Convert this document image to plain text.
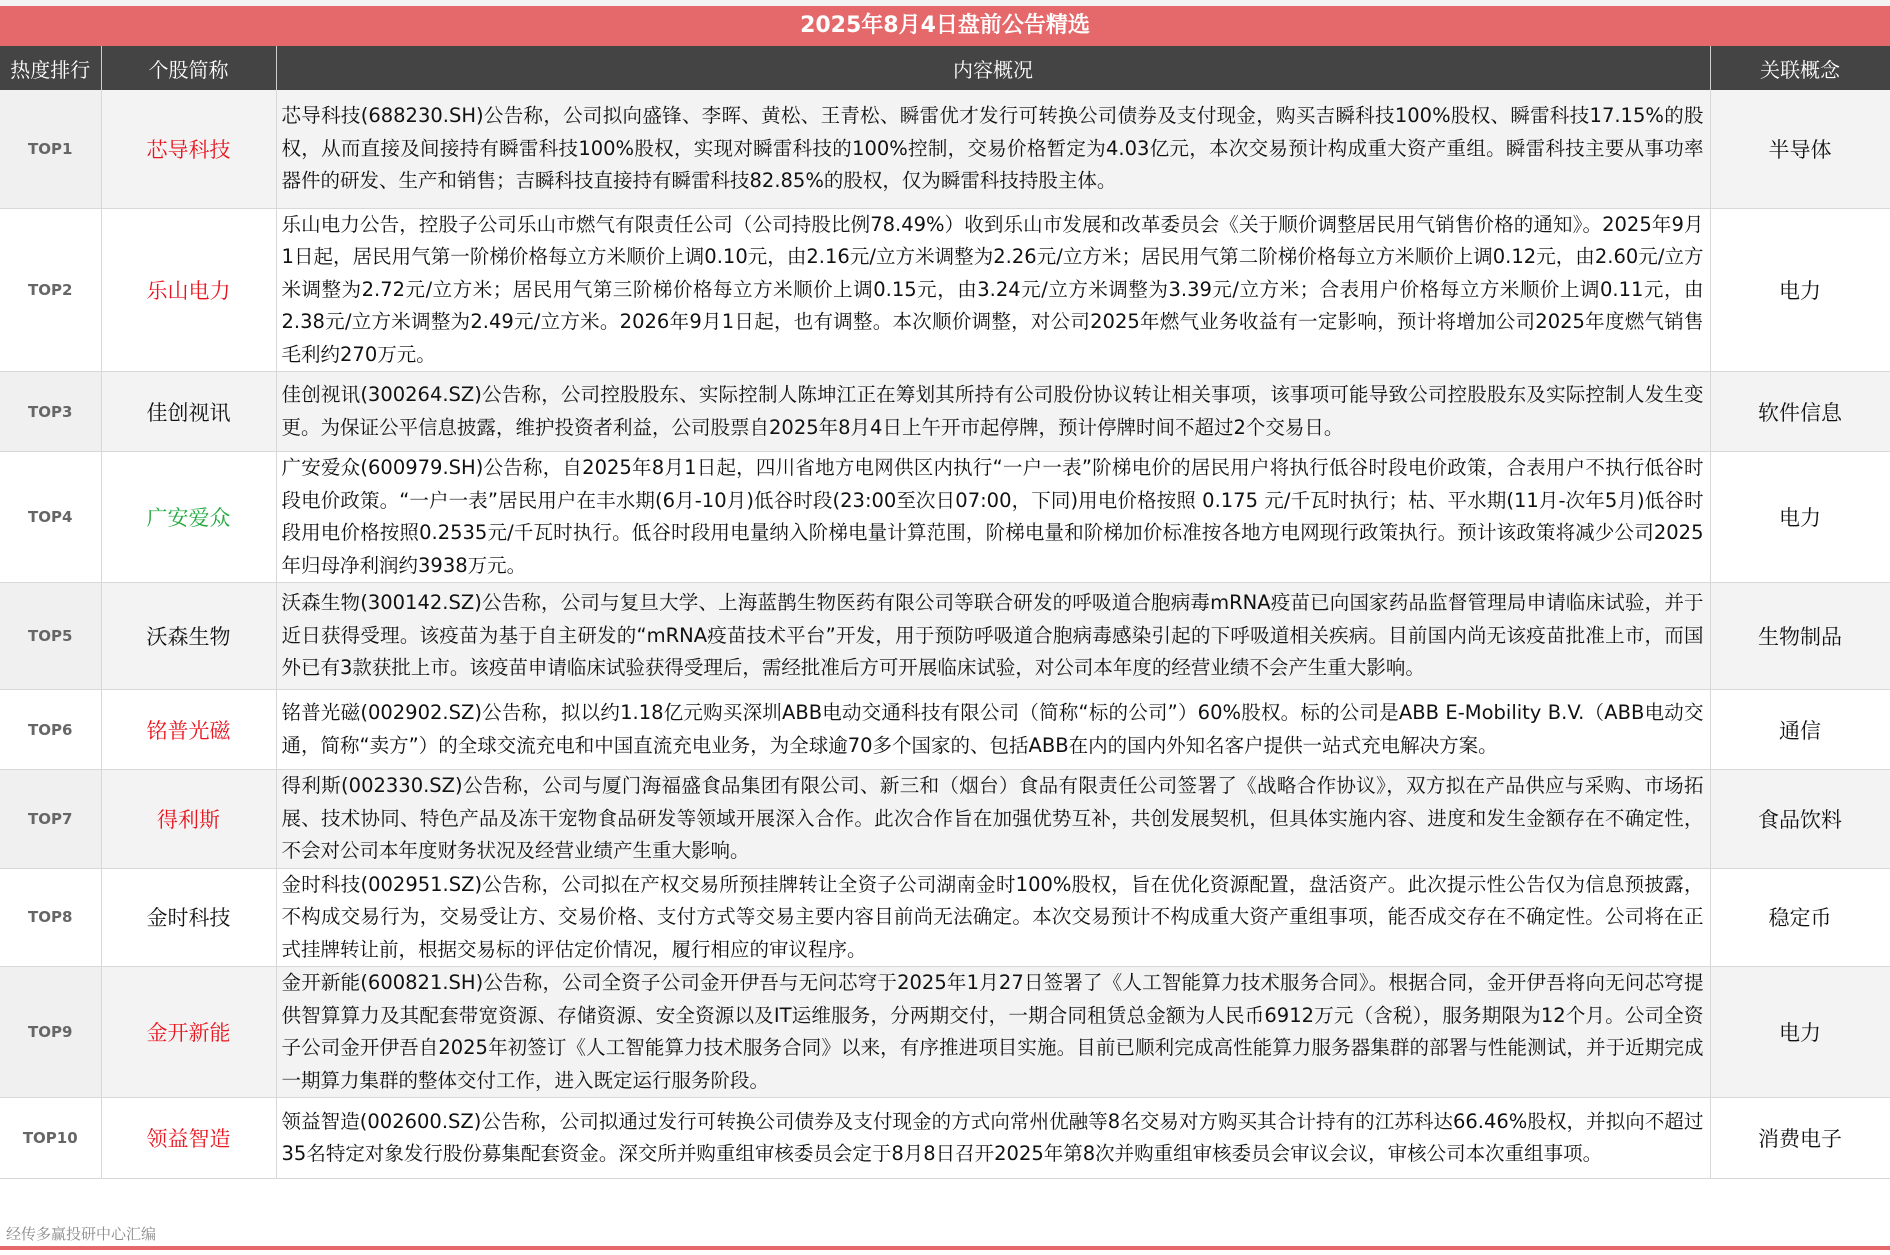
2025年8月4日盘前公告精选
热度排行	个股简称	内容概况	关联概念
TOP1	芯导科技	芯导科技(688230.SH)公告称，公司拟向盛锋、李晖、黄松、王青松、瞬雷优才发行可转换公司债券及支付现金，购买吉瞬科技100%股权、瞬雷科技17.15%的股权，从而直接及间接持有瞬雷科技100%股权，实现对瞬雷科技的100%控制，交易价格暂定为4.03亿元，本次交易预计构成重大资产重组。瞬雷科技主要从事功率器件的研发、生产和销售；吉瞬科技直接持有瞬雷科技82.85%的股权，仅为瞬雷科技持股主体。	半导体
TOP2	乐山电力	乐山电力公告，控股子公司乐山市燃气有限责任公司（公司持股比例78.49%）收到乐山市发展和改革委员会《关于顺价调整居民用气销售价格的通知》。2025年9月1日起，居民用气第一阶梯价格每立方米顺价上调0.10元，由2.16元/立方米调整为2.26元/立方米；居民用气第二阶梯价格每立方米顺价上调0.12元，由2.60元/立方米调整为2.72元/立方米；居民用气第三阶梯价格每立方米顺价上调0.15元，由3.24元/立方米调整为3.39元/立方米；合表用户价格每立方米顺价上调0.11元，由2.38元/立方米调整为2.49元/立方米。2026年9月1日起，也有调整。本次顺价调整，对公司2025年燃气业务收益有一定影响，预计将增加公司2025年度燃气销售毛利约270万元。	电力
TOP3	佳创视讯	佳创视讯(300264.SZ)公告称，公司控股股东、实际控制人陈坤江正在筹划其所持有公司股份协议转让相关事项，该事项可能导致公司控股股东及实际控制人发生变更。为保证公平信息披露，维护投资者利益，公司股票自2025年8月4日上午开市起停牌，预计停牌时间不超过2个交易日。	软件信息
TOP4	广安爱众	广安爱众(600979.SH)公告称，自2025年8月1日起，四川省地方电网供区内执行“一户一表”阶梯电价的居民用户将执行低谷时段电价政策，合表用户不执行低谷时段电价政策。“一户一表”居民用户在丰水期(6月-10月)低谷时段(23:00至次日07:00，下同)用电价格按照 0.175 元/千瓦时执行；枯、平水期(11月-次年5月)低谷时段用电价格按照0.2535元/千瓦时执行。低谷时段用电量纳入阶梯电量计算范围，阶梯电量和阶梯加价标准按各地方电网现行政策执行。预计该政策将减少公司2025年归母净利润约3938万元。	电力
TOP5	沃森生物	沃森生物(300142.SZ)公告称，公司与复旦大学、上海蓝鹊生物医药有限公司等联合研发的呼吸道合胞病毒mRNA疫苗已向国家药品监督管理局申请临床试验，并于近日获得受理。该疫苗为基于自主研发的“mRNA疫苗技术平台”开发，用于预防呼吸道合胞病毒感染引起的下呼吸道相关疾病。目前国内尚无该疫苗批准上市，而国外已有3款获批上市。该疫苗申请临床试验获得受理后，需经批准后方可开展临床试验，对公司本年度的经营业绩不会产生重大影响。	生物制品
TOP6	铭普光磁	铭普光磁(002902.SZ)公告称，拟以约1.18亿元购买深圳ABB电动交通科技有限公司（简称“标的公司”）60%股权。标的公司是ABB E-Mobility B.V.（ABB电动交通，简称“卖方”）的全球交流充电和中国直流充电业务，为全球逾70多个国家的、包括ABB在内的国内外知名客户提供一站式充电解决方案。	通信
TOP7	得利斯	得利斯(002330.SZ)公告称，公司与厦门海福盛食品集团有限公司、新三和（烟台）食品有限责任公司签署了《战略合作协议》，双方拟在产品供应与采购、市场拓展、技术协同、特色产品及冻干宠物食品研发等领域开展深入合作。此次合作旨在加强优势互补，共创发展契机，但具体实施内容、进度和发生金额存在不确定性，不会对公司本年度财务状况及经营业绩产生重大影响。	食品饮料
TOP8	金时科技	金时科技(002951.SZ)公告称，公司拟在产权交易所预挂牌转让全资子公司湖南金时100%股权，旨在优化资源配置，盘活资产。此次提示性公告仅为信息预披露，不构成交易行为，交易受让方、交易价格、支付方式等交易主要内容目前尚无法确定。本次交易预计不构成重大资产重组事项，能否成交存在不确定性。公司将在正式挂牌转让前，根据交易标的评估定价情况，履行相应的审议程序。	稳定币
TOP9	金开新能	金开新能(600821.SH)公告称，公司全资子公司金开伊吾与无问芯穹于2025年1月27日签署了《人工智能算力技术服务合同》。根据合同，金开伊吾将向无问芯穹提供智算算力及其配套带宽资源、存储资源、安全资源以及IT运维服务，分两期交付，一期合同租赁总金额为人民币6912万元（含税），服务期限为12个月。公司全资子公司金开伊吾自2025年初签订《人工智能算力技术服务合同》以来，有序推进项目实施。目前已顺利完成高性能算力服务器集群的部署与性能测试，并于近期完成一期算力集群的整体交付工作，进入既定运行服务阶段。	电力
TOP10	领益智造	领益智造(002600.SZ)公告称，公司拟通过发行可转换公司债券及支付现金的方式向常州优融等8名交易对方购买其合计持有的江苏科达66.46%股权，并拟向不超过35名特定对象发行股份募集配套资金。深交所并购重组审核委员会定于8月8日召开2025年第8次并购重组审核委员会审议会议，审核公司本次重组事项。	消费电子
经传多赢投研中心汇编
